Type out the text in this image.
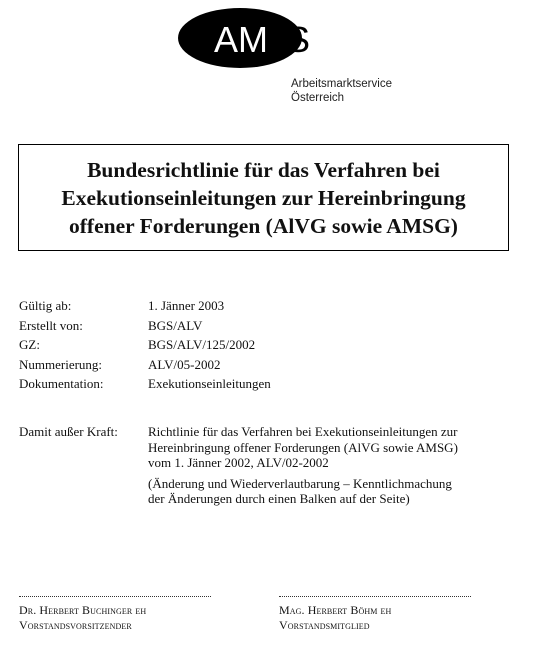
AM S
Arbeitsmarktservice
Österreich
Bundesrichtlinie für das Verfahren bei
Exekutionseinleitungen zur Hereinbringung
offener Forderungen (AlVG sowie AMSG)
Gültig ab:	1. Jänner 2003
Erstellt von:	BGS/ALV
GZ:	BGS/ALV/125/2002
Nummerierung:	ALV/05-2002
Dokumentation:	Exekutionseinleitungen
Damit außer Kraft:	Richtlinie für das Verfahren bei Exekutionseinleitungen zur
Hereinbringung offener Forderungen (AlVG sowie AMSG)
vom 1. Jänner 2002, ALV/02-2002
(Änderung und Wiederverlautbarung – Kenntlichmachung
der Änderungen durch einen Balken auf der Seite)
Dr. Herbert Buchinger eh
Vorstandsvorsitzender
Mag. Herbert Böhm eh
Vorstandsmitglied
